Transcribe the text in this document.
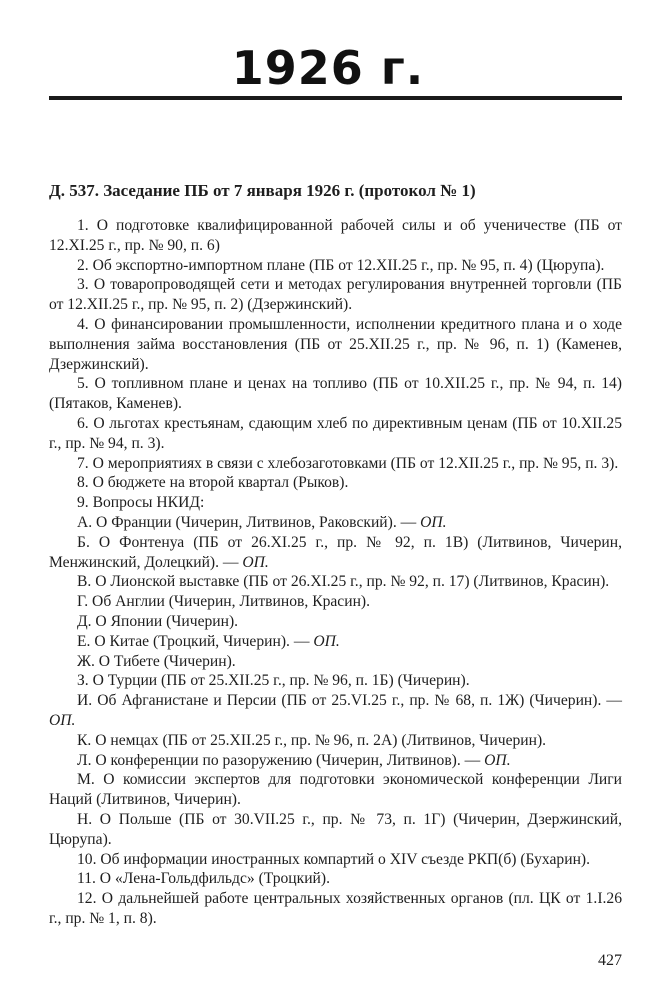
1926 г.
Д. 537. Заседание ПБ от 7 января 1926 г. (протокол № 1)

1. О подготовке квалифицированной рабочей силы и об ученичестве (ПБ от 12.XI.25 г., пр. № 90, п. 6)

2. Об экспортно-импортном плане (ПБ от 12.XII.25 г., пр. № 95, п. 4) (Цюрупа).

3. О товаропроводящей сети и методах регулирования внутренней торговли (ПБ от 12.XII.25 г., пр. № 95, п. 2) (Дзержинский).

4. О финансировании промышленности, исполнении кредитного плана и о ходе выполнения займа восстановления (ПБ от 25.XII.25 г., пр. № 96, п. 1) (Каменев, Дзержинский).

5. О топливном плане и ценах на топливо (ПБ от 10.XII.25 г., пр. № 94, п. 14) (Пятаков, Каменев).

6. О льготах крестьянам, сдающим хлеб по директивным ценам (ПБ от 10.XII.25 г., пр. № 94, п. 3).

7. О мероприятиях в связи с хлебозаготовками (ПБ от 12.XII.25 г., пр. № 95, п. 3).

8. О бюджете на второй квартал (Рыков).

9. Вопросы НКИД:

А. О Франции (Чичерин, Литвинов, Раковский). — ОП.

Б. О Фонтенуа (ПБ от 26.XI.25 г., пр. № 92, п. 1В) (Литвинов, Чичерин, Менжинский, Долецкий). — ОП.

В. О Лионской выставке (ПБ от 26.XI.25 г., пр. № 92, п. 17) (Литвинов, Красин).

Г. Об Англии (Чичерин, Литвинов, Красин).

Д. О Японии (Чичерин).

Е. О Китае (Троцкий, Чичерин). — ОП.

Ж. О Тибете (Чичерин).

З. О Турции (ПБ от 25.XII.25 г., пр. № 96, п. 1Б) (Чичерин).

И. Об Афганистане и Персии (ПБ от 25.VI.25 г., пр. № 68, п. 1Ж) (Чичерин). — ОП.

К. О немцах (ПБ от 25.XII.25 г., пр. № 96, п. 2А) (Литвинов, Чичерин).

Л. О конференции по разоружению (Чичерин, Литвинов). — ОП.

М. О комиссии экспертов для подготовки экономической конференции Лиги Наций (Литвинов, Чичерин).

Н. О Польше (ПБ от 30.VII.25 г., пр. № 73, п. 1Г) (Чичерин, Дзержинский, Цюрупа).

10. Об информации иностранных компартий о XIV съезде РКП(б) (Бухарин).

11. О «Лена-Гольдфильдс» (Троцкий).

12. О дальнейшей работе центральных хозяйственных органов (пл. ЦК от 1.I.26 г., пр. № 1, п. 8).

427
